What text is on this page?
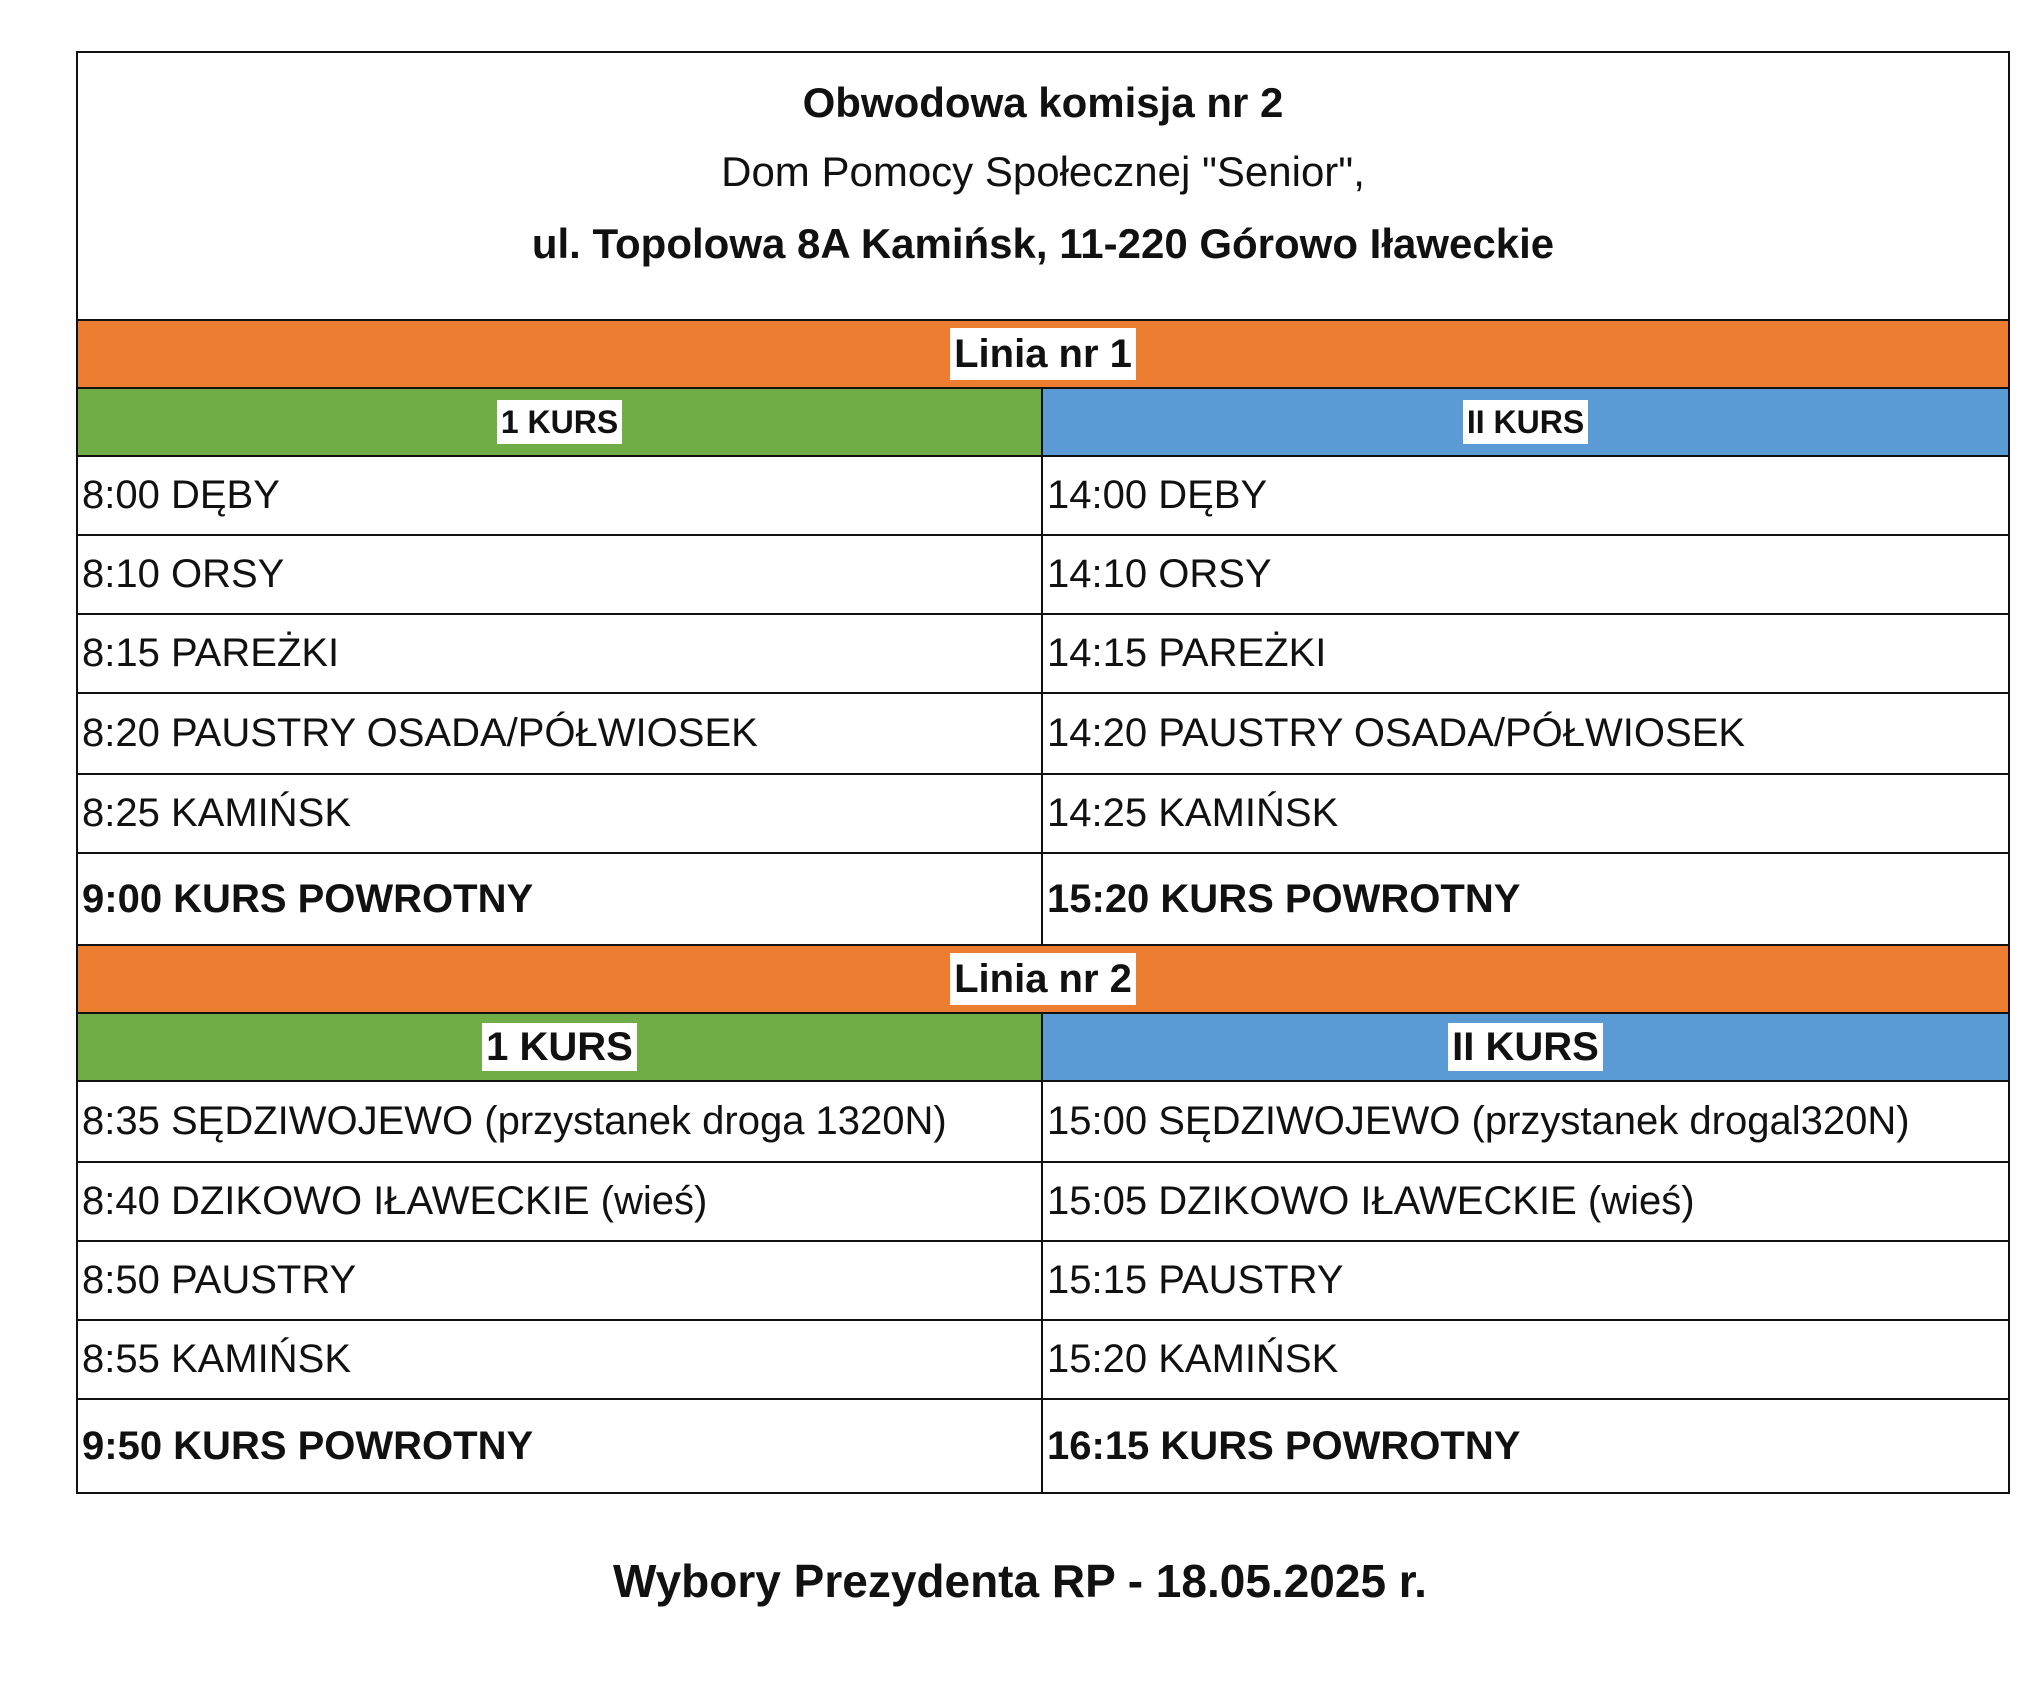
Obwodowa komisja nr 2
Dom Pomocy Społecznej "Senior",
ul. Topolowa 8A Kamińsk, 11-220 Górowo Iławeckie
Linia nr 1
1 KURS	II KURS
8:00 DĘBY	14:00 DĘBY
8:10 ORSY	14:10 ORSY
8:15 PAREŻKI	14:15 PAREŻKI
8:20 PAUSTRY OSADA/PÓŁWIOSEK	14:20 PAUSTRY OSADA/PÓŁWIOSEK
8:25 KAMIŃSK	14:25 KAMIŃSK
9:00 KURS POWROTNY	15:20 KURS POWROTNY
Linia nr 2
1 KURS	II KURS
8:35 SĘDZIWOJEWO (przystanek droga 1320N)	15:00 SĘDZIWOJEWO (przystanek drogal320N)
8:40 DZIKOWO IŁAWECKIE (wieś)	15:05 DZIKOWO IŁAWECKIE (wieś)
8:50 PAUSTRY	15:15 PAUSTRY
8:55 KAMIŃSK	15:20 KAMIŃSK
9:50 KURS POWROTNY	16:15 KURS POWROTNY
Wybory Prezydenta RP - 18.05.2025 r.
